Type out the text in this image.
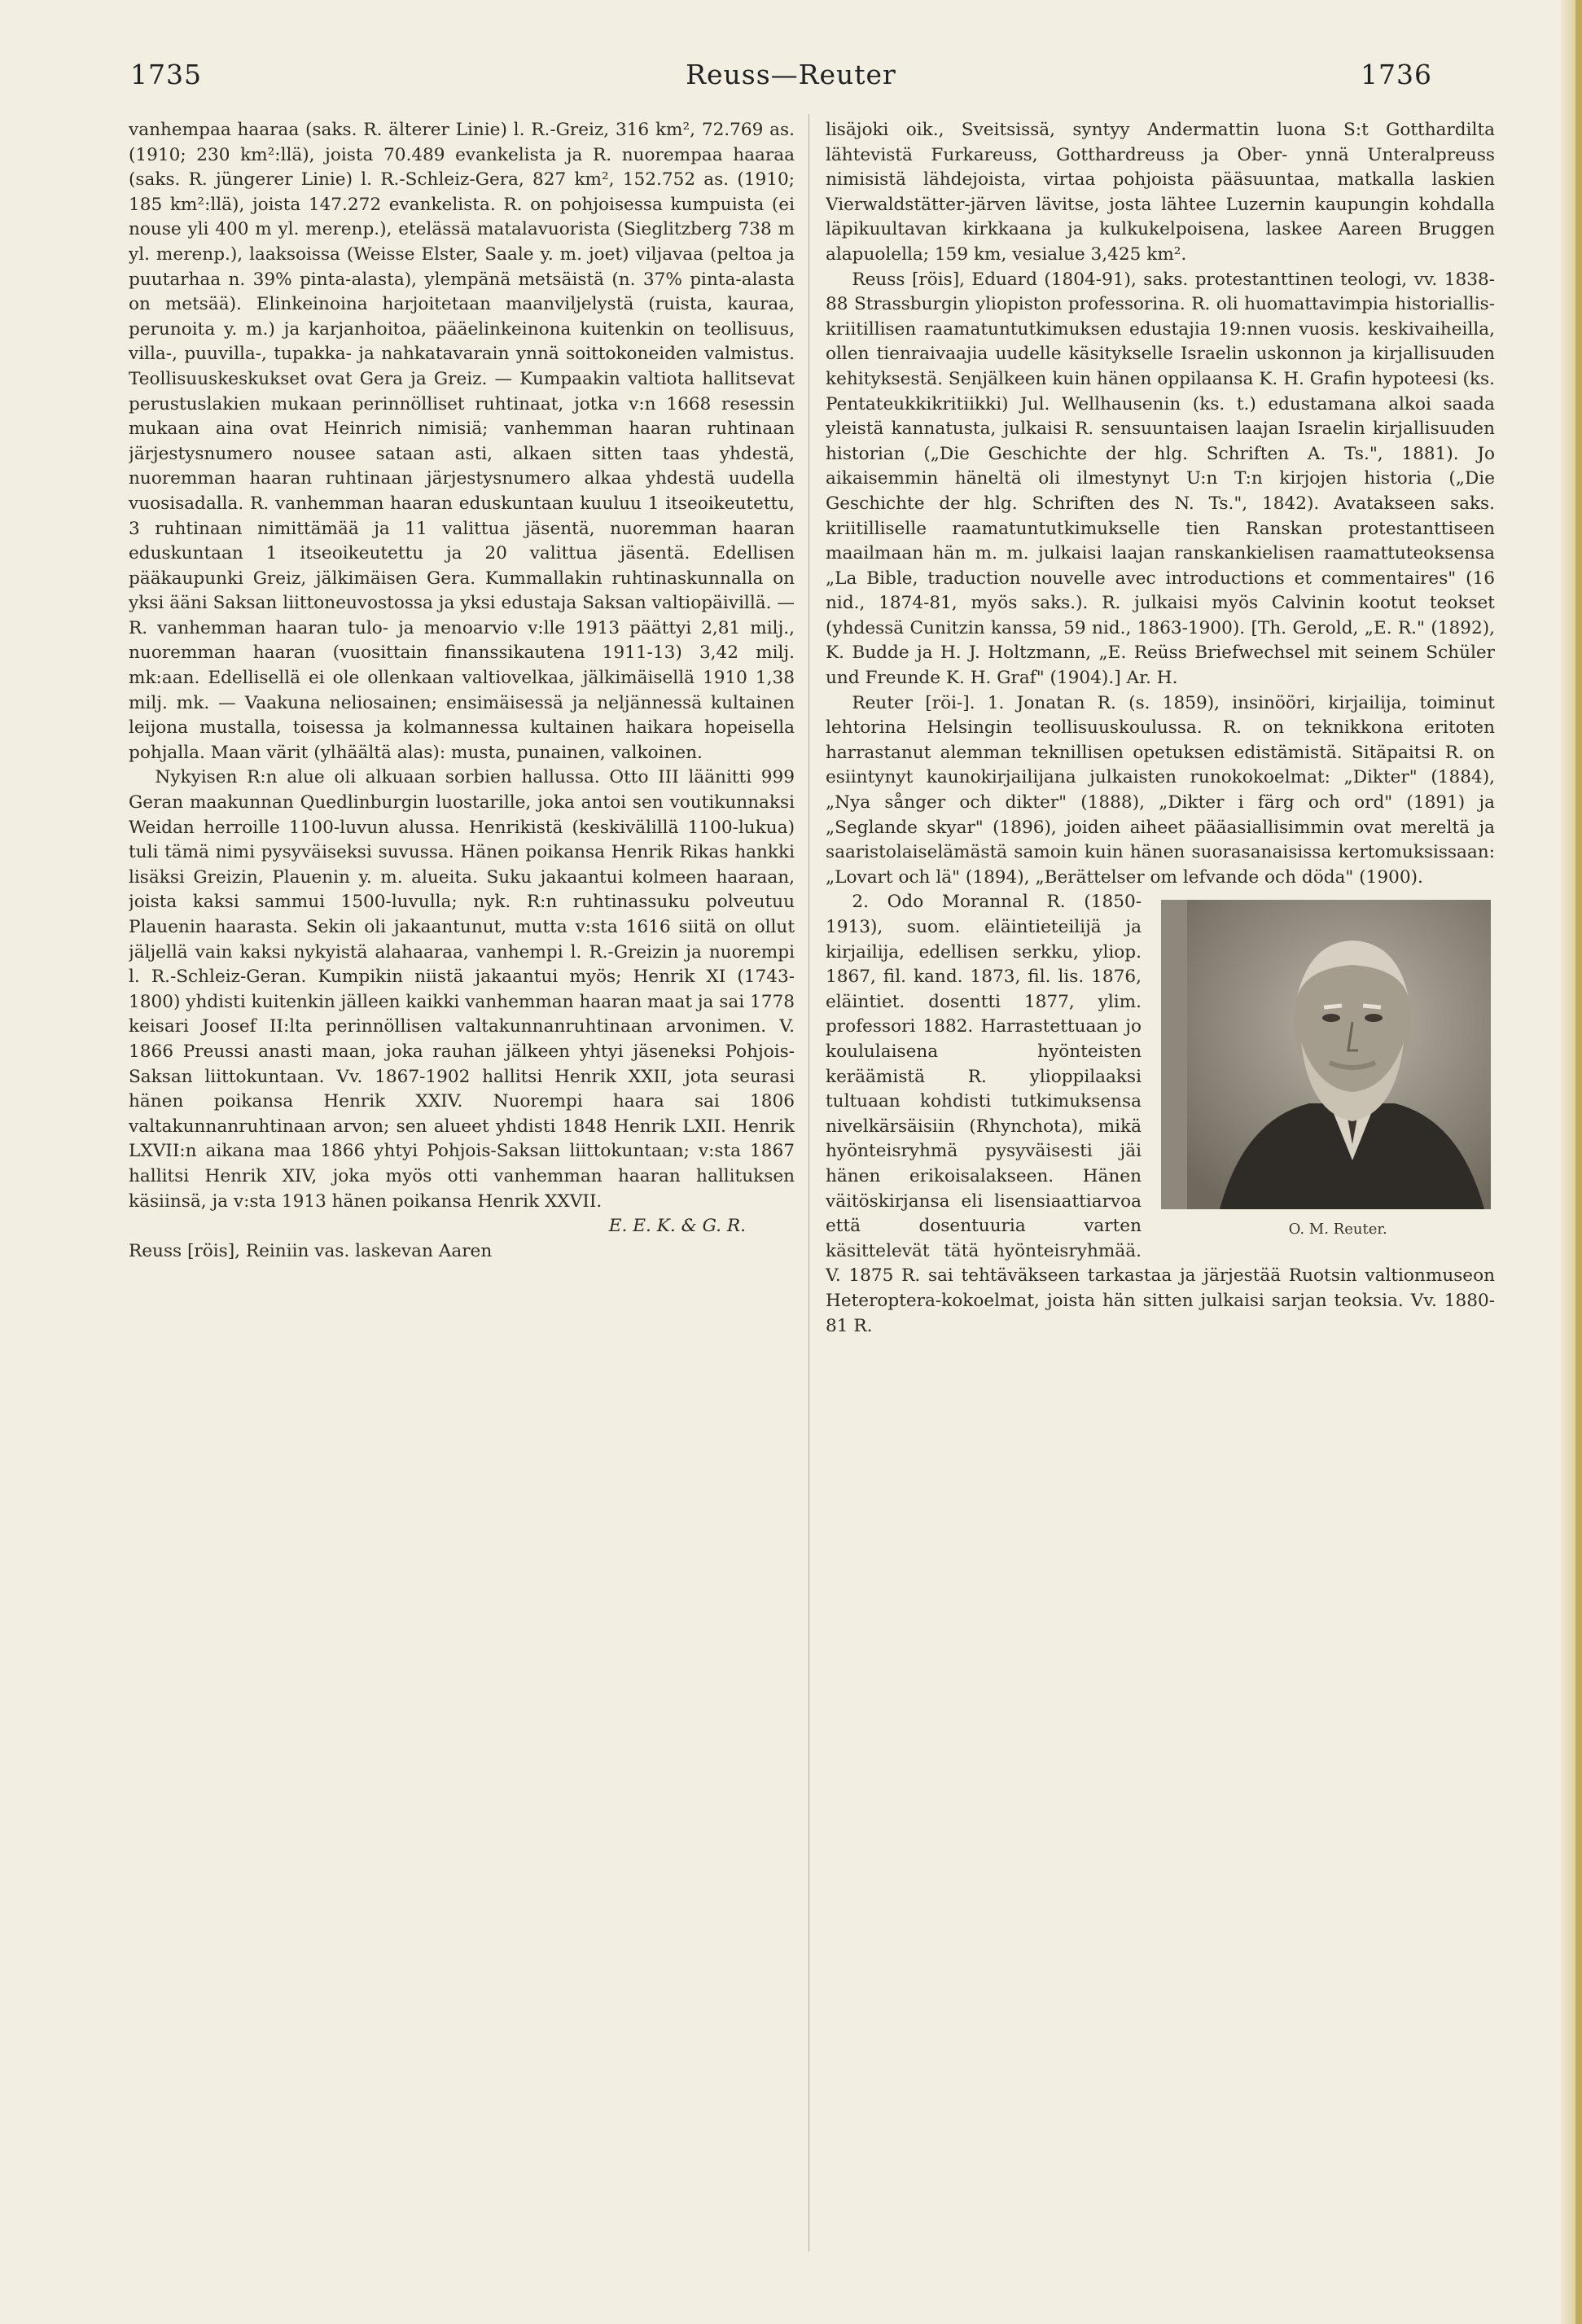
1735	Reuss—Reuter	1736

vanhempaa haaraa (saks. R. älterer Linie) l. R.-Greiz, 316 km², 72.769 as. (1910; 230 km²:llä), joista 70.489 evankelista ja R. nuorempaa haaraa (saks. R. jüngerer Linie) l. R.-Schleiz-Gera, 827 km², 152.752 as. (1910; 185 km²:llä), joista 147.272 evankelista. R. on pohjoisessa kumpuista (ei nouse yli 400 m yl. merenp.), etelässä matalavuorista (Sieglitzberg 738 m yl. merenp.), laaksoissa (Weisse Elster, Saale y. m. joet) viljavaa (peltoa ja puutarhaa n. 39% pinta-alasta), ylempänä metsäistä (n. 37% pinta-alasta on metsää). Elinkeinoina harjoitetaan maanviljelystä (ruista, kauraa, perunoita y. m.) ja karjanhoitoa, pääelinkeinona kuitenkin on teollisuus, villa-, puuvilla-, tupakka- ja nahkatavarain ynnä soittokoneiden valmistus. Teollisuuskeskukset ovat Gera ja Greiz. — Kumpaakin valtiota hallitsevat perustuslakien mukaan perinnölliset ruhtinaat, jotka v:n 1668 resessin mukaan aina ovat Heinrich nimisiä; vanhemman haaran ruhtinaan järjestysnumero nousee sataan asti, alkaen sitten taas yhdestä, nuoremman haaran ruhtinaan järjestysnumero alkaa yhdestä uudella vuosisadalla. R. vanhemman haaran eduskuntaan kuuluu 1 itseoikeutettu, 3 ruhtinaan nimittämää ja 11 valittua jäsentä, nuoremman haaran eduskuntaan 1 itseoikeutettu ja 20 valittua jäsentä. Edellisen pääkaupunki Greiz, jälkimäisen Gera. Kummallakin ruhtinaskunnalla on yksi ääni Saksan liittoneuvostossa ja yksi edustaja Saksan valtiopäivillä. — R. vanhemman haaran tulo- ja menoarvio v:lle 1913 päättyi 2,81 milj., nuoremman haaran (vuosittain finanssikautena 1911-13) 3,42 milj. mk:aan. Edellisellä ei ole ollenkaan valtiovelkaa, jälkimäisellä 1910 1,38 milj. mk. — Vaakuna neliosainen; ensimäisessä ja neljännessä kultainen leijona mustalla, toisessa ja kolmannessa kultainen haikara hopeisella pohjalla. Maan värit (ylhäältä alas): musta, punainen, valkoinen.

Nykyisen R:n alue oli alkuaan sorbien hallussa. Otto III läänitti 999 Geran maakunnan Quedlinburgin luostarille, joka antoi sen voutikunnaksi Weidan herroille 1100-luvun alussa. Henrikistä (keskivälillä 1100-lukua) tuli tämä nimi pysyväiseksi suvussa. Hänen poikansa Henrik Rikas hankki lisäksi Greizin, Plauenin y. m. alueita. Suku jakaantui kolmeen haaraan, joista kaksi sammui 1500-luvulla; nyk. R:n ruhtinassuku polveutuu Plauenin haarasta. Sekin oli jakaantunut, mutta v:sta 1616 siitä on ollut jäljellä vain kaksi nykyistä alahaaraa, vanhempi l. R.-Greizin ja nuorempi l. R.-Schleiz-Geran. Kumpikin niistä jakaantui myös; Henrik XI (1743-1800) yhdisti kuitenkin jälleen kaikki vanhemman haaran maat ja sai 1778 keisari Joosef II:lta perinnöllisen valtakunnanruhtinaan arvonimen. V. 1866 Preussi anasti maan, joka rauhan jälkeen yhtyi jäseneksi Pohjois-Saksan liittokuntaan. Vv. 1867-1902 hallitsi Henrik XXII, jota seurasi hänen poikansa Henrik XXIV. Nuorempi haara sai 1806 valtakunnanruhtinaan arvon; sen alueet yhdisti 1848 Henrik LXII. Henrik LXVII:n aikana maa 1866 yhtyi Pohjois-Saksan liittokuntaan; v:sta 1867 hallitsi Henrik XIV, joka myös otti vanhemman haaran hallituksen käsiinsä, ja v:sta 1913 hänen poikansa Henrik XXVII.

E. E. K. & G. R.

Reuss [röis], Reiniin vas. laskevan Aaren

lisäjoki oik., Sveitsissä, syntyy Andermattin luona S:t Gotthardilta lähtevistä Furkareuss, Gotthardreuss ja Ober- ynnä Unteralpreuss nimisistä lähdejoista, virtaa pohjoista pääsuuntaa, matkalla laskien Vierwaldstätter-järven lävitse, josta lähtee Luzernin kaupungin kohdalla läpikuultavan kirkkaana ja kulkukelpoisena, laskee Aareen Bruggen alapuolella; 159 km, vesialue 3,425 km².

Reuss [röis], Eduard (1804-91), saks. protestanttinen teologi, vv. 1838-88 Strassburgin yliopiston professorina. R. oli huomattavimpia historiallis-kriitillisen raamatuntutkimuksen edustajia 19:nnen vuosis. keskivaiheilla, ollen tienraivaajia uudelle käsitykselle Israelin uskonnon ja kirjallisuuden kehityksestä. Senjälkeen kuin hänen oppilaansa K. H. Grafin hypoteesi (ks. Pentateukkikritiikki) Jul. Wellhausenin (ks. t.) edustamana alkoi saada yleistä kannatusta, julkaisi R. sensuuntaisen laajan Israelin kirjallisuuden historian („Die Geschichte der hlg. Schriften A. Ts.", 1881). Jo aikaisemmin häneltä oli ilmestynyt U:n T:n kirjojen historia („Die Geschichte der hlg. Schriften des N. Ts.", 1842). Avatakseen saks. kriitilliselle raamatuntutkimukselle tien Ranskan protestanttiseen maailmaan hän m. m. julkaisi laajan ranskankielisen raamattuteoksensa „La Bible, traduction nouvelle avec introductions et commentaires" (16 nid., 1874-81, myös saks.). R. julkaisi myös Calvinin kootut teokset (yhdessä Cunitzin kanssa, 59 nid., 1863-1900). [Th. Gerold, „E. R." (1892), K. Budde ja H. J. Holtzmann, „E. Reüss Briefwechsel mit seinem Schüler und Freunde K. H. Graf" (1904).] Ar. H.

Reuter [röi-]. 1. Jonatan R. (s. 1859), insinööri, kirjailija, toiminut lehtorina Helsingin teollisuuskoulussa. R. on teknikkona eritoten harrastanut alemman teknillisen opetuksen edistämistä. Sitäpaitsi R. on esiintynyt kaunokirjailijana julkaisten runokokoelmat: „Dikter" (1884), „Nya sånger och dikter" (1888), „Dikter i färg och ord" (1891) ja „Seglande skyar" (1896), joiden aiheet pääasiallisimmin ovat mereltä ja saaristolaiselämästä samoin kuin hänen suorasanaisissa kertomuksissaan: „Lovart och lä" (1894), „Berättelser om lefvande och döda" (1900).

O. M. Reuter.
2. Odo Morannal R. (1850-1913), suom. eläintieteilijä ja kirjailija, edellisen serkku, yliop. 1867, fil. kand. 1873, fil. lis. 1876, eläintiet. dosentti 1877, ylim. professori 1882. Harrastettuaan jo koululaisena hyönteisten keräämistä R. ylioppilaaksi tultuaan kohdisti tutkimuksensa nivelkärsäisiin (Rhynchota), mikä hyönteisryhmä pysyväisesti jäi hänen erikoisalakseen. Hänen väitöskirjansa eli lisensiaattiarvoa että dosentuuria varten käsittelevät tätä hyönteisryhmää. V. 1875 R. sai tehtäväkseen tarkastaa ja järjestää Ruotsin valtionmuseon Heteroptera-kokoelmat, joista hän sitten julkaisi sarjan teoksia. Vv. 1880-81 R.
